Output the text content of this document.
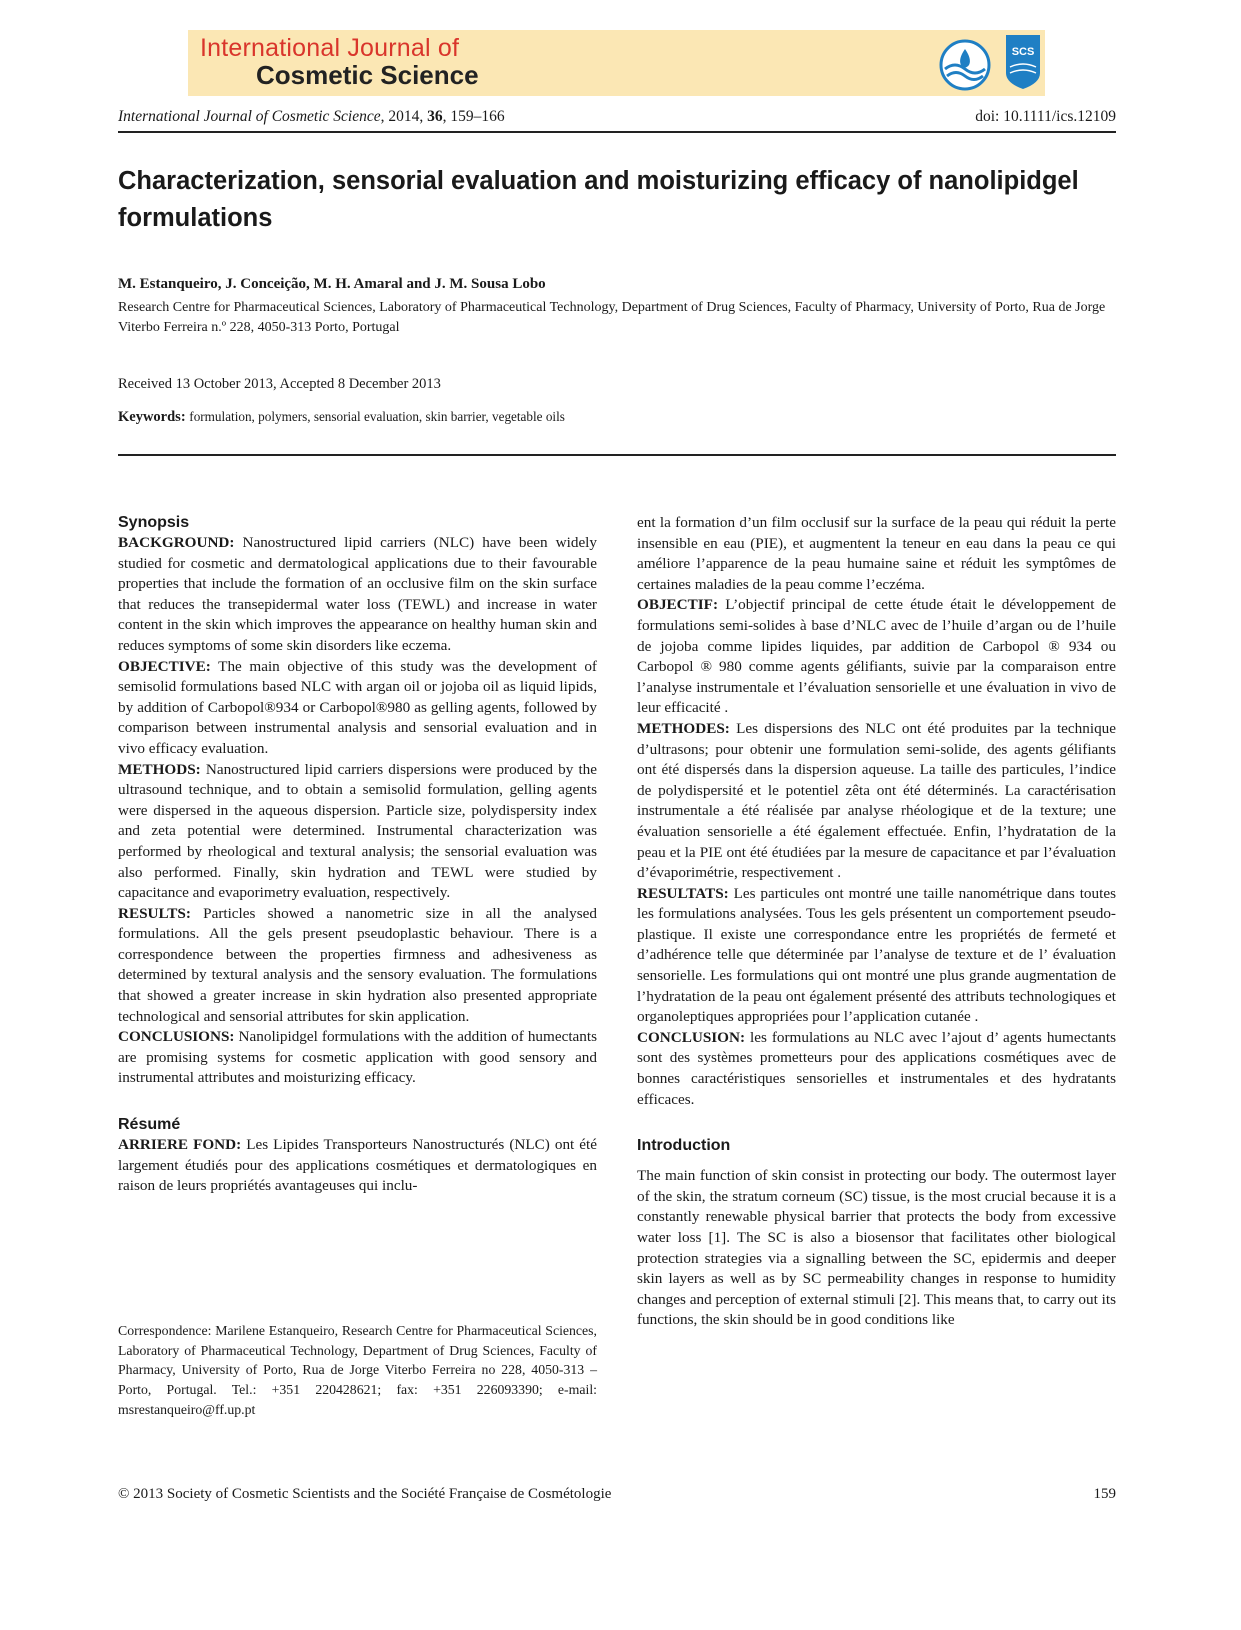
International Journal of
Cosmetic Science
SCS
International Journal of Cosmetic Science, 2014, 36, 159–166	doi: 10.1111/ics.12109
Characterization, sensorial evaluation and moisturizing efficacy of nanolipidgel formulations
M. Estanqueiro, J. Conceição, M. H. Amaral and J. M. Sousa Lobo
Research Centre for Pharmaceutical Sciences, Laboratory of Pharmaceutical Technology, Department of Drug Sciences, Faculty of Pharmacy, University of Porto, Rua de Jorge Viterbo Ferreira n.º 228, 4050-313 Porto, Portugal
Received 13 October 2013, Accepted 8 December 2013
Keywords: formulation, polymers, sensorial evaluation, skin barrier, vegetable oils
Synopsis

BACKGROUND: Nanostructured lipid carriers (NLC) have been widely studied for cosmetic and dermatological applications due to their favourable properties that include the formation of an occlusive film on the skin surface that reduces the transepidermal water loss (TEWL) and increase in water content in the skin which improves the appearance on healthy human skin and reduces symptoms of some skin disorders like eczema.

OBJECTIVE: The main objective of this study was the development of semisolid formulations based NLC with argan oil or jojoba oil as liquid lipids, by addition of Carbopol®934 or Carbopol®980 as gelling agents, followed by comparison between instrumental analysis and sensorial evaluation and in vivo efficacy evaluation.

METHODS: Nanostructured lipid carriers dispersions were produced by the ultrasound technique, and to obtain a semisolid formulation, gelling agents were dispersed in the aqueous dispersion. Particle size, polydispersity index and zeta potential were determined. Instrumental characterization was performed by rheological and textural analysis; the sensorial evaluation was also performed. Finally, skin hydration and TEWL were studied by capacitance and evaporimetry evaluation, respectively.

RESULTS: Particles showed a nanometric size in all the analysed formulations. All the gels present pseudoplastic behaviour. There is a correspondence between the properties firmness and adhesiveness as determined by textural analysis and the sensory evaluation. The formulations that showed a greater increase in skin hydration also presented appropriate technological and sensorial attributes for skin application.

CONCLUSIONS: Nanolipidgel formulations with the addition of humectants are promising systems for cosmetic application with good sensory and instrumental attributes and moisturizing efficacy.

Résumé

ARRIERE FOND: Les Lipides Transporteurs Nanostructurés (NLC) ont été largement étudiés pour des applications cosmétiques et dermatologiques en raison de leurs propriétés avantageuses qui inclu-

Correspondence: Marilene Estanqueiro, Research Centre for Pharmaceutical Sciences, Laboratory of Pharmaceutical Technology, Department of Drug Sciences, Faculty of Pharmacy, University of Porto, Rua de Jorge Viterbo Ferreira no 228, 4050-313 – Porto, Portugal. Tel.: +351 220428621; fax: +351 226093390; e-mail: msrestanqueiro@ff.up.pt

ent la formation d’un film occlusif sur la surface de la peau qui réduit la perte insensible en eau (PIE), et augmentent la teneur en eau dans la peau ce qui améliore l’apparence de la peau humaine saine et réduit les symptômes de certaines maladies de la peau comme l’eczéma.

OBJECTIF: L’objectif principal de cette étude était le développement de formulations semi-solides à base d’NLC avec de l’huile d’argan ou de l’huile de jojoba comme lipides liquides, par addition de Carbopol ® 934 ou Carbopol ® 980 comme agents gélifiants, suivie par la comparaison entre l’analyse instrumentale et l’évaluation sensorielle et une évaluation in vivo de leur efficacité .

METHODES: Les dispersions des NLC ont été produites par la technique d’ultrasons; pour obtenir une formulation semi-solide, des agents gélifiants ont été dispersés dans la dispersion aqueuse. La taille des particules, l’indice de polydispersité et le potentiel zêta ont été déterminés. La caractérisation instrumentale a été réalisée par analyse rhéologique et de la texture; une évaluation sensorielle a été également effectuée. Enfin, l’hydratation de la peau et la PIE ont été étudiées par la mesure de capacitance et par l’évaluation d’évaporimétrie, respectivement .

RESULTATS: Les particules ont montré une taille nanométrique dans toutes les formulations analysées. Tous les gels présentent un comportement pseudo-plastique. Il existe une correspondance entre les propriétés de fermeté et d’adhérence telle que déterminée par l’analyse de texture et de l’ évaluation sensorielle. Les formulations qui ont montré une plus grande augmentation de l’hydratation de la peau ont également présenté des attributs technologiques et organoleptiques appropriées pour l’application cutanée .

CONCLUSION: les formulations au NLC avec l’ajout d’ agents humectants sont des systèmes prometteurs pour des applications cosmétiques avec de bonnes caractéristiques sensorielles et instrumentales et des hydratants efficaces.

Introduction

The main function of skin consist in protecting our body. The outermost layer of the skin, the stratum corneum (SC) tissue, is the most crucial because it is a constantly renewable physical barrier that protects the body from excessive water loss [1]. The SC is also a biosensor that facilitates other biological protection strategies via a signalling between the SC, epidermis and deeper skin layers as well as by SC permeability changes in response to humidity changes and perception of external stimuli [2]. This means that, to carry out its functions, the skin should be in good conditions like

© 2013 Society of Cosmetic Scientists and the Société Française de Cosmétologie	159
